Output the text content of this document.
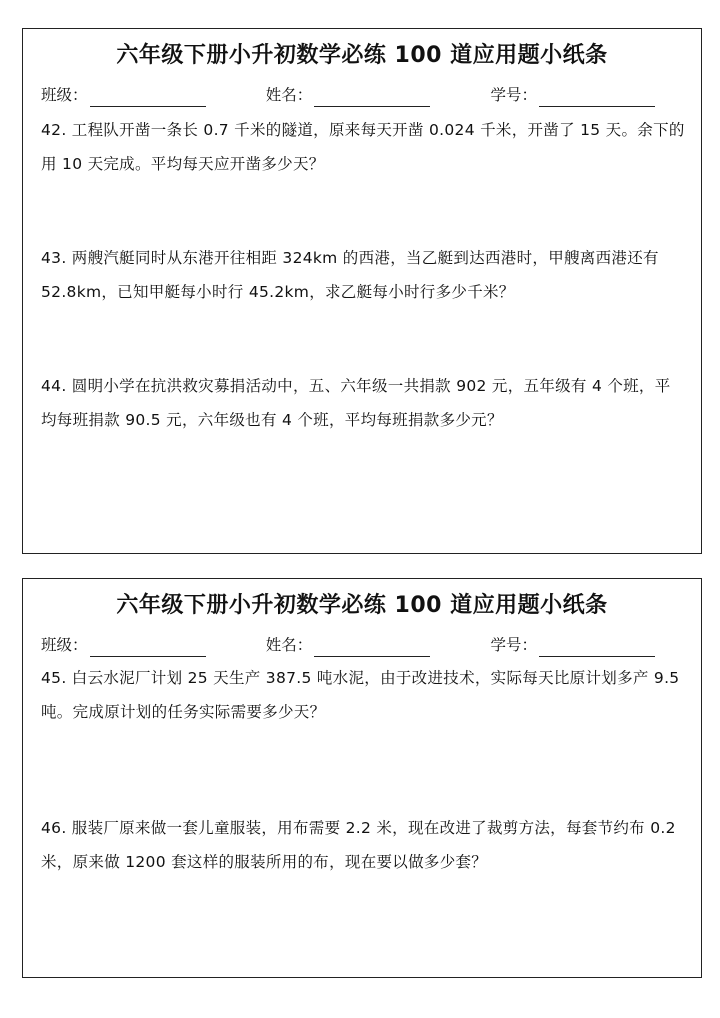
六年级下册小升初数学必练 100 道应用题小纸条
班级：	姓名：	学号：
42. 工程队开凿一条长 0.7 千米的隧道，原来每天开凿 0.024 千米，开凿了 15 天。余下的用 10 天完成。平均每天应开凿多少天？
43. 两艘汽艇同时从东港开往相距 324km 的西港，当乙艇到达西港时，甲艘离西港还有 52.8km，已知甲艇每小时行 45.2km，求乙艇每小时行多少千米？
44. 圆明小学在抗洪救灾募捐活动中，五、六年级一共捐款 902 元，五年级有 4 个班，平均每班捐款 90.5 元，六年级也有 4 个班，平均每班捐款多少元？
六年级下册小升初数学必练 100 道应用题小纸条
班级：	姓名：	学号：
45. 白云水泥厂计划 25 天生产 387.5 吨水泥，由于改进技术，实际每天比原计划多产 9.5 吨。完成原计划的任务实际需要多少天？
46. 服装厂原来做一套儿童服装，用布需要 2.2 米，现在改进了裁剪方法，每套节约布 0.2 米，原来做 1200 套这样的服装所用的布，现在要以做多少套？
